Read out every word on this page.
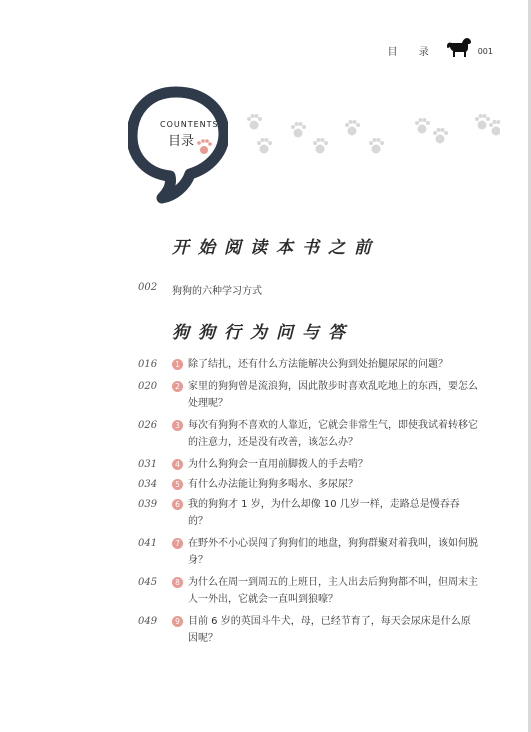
目 录	001
COUNTENTS
目录
开始阅读本书之前
002	狗狗的六种学习方式
狗狗行为问与答
016	1 除了结扎，还有什么方法能解决公狗到处抬腿尿尿的问题？
020	2 家里的狗狗曾是流浪狗，因此散步时喜欢乱吃地上的东西，要怎么处理呢？
026	3 每次有狗狗不喜欢的人靠近，它就会非常生气，即使我试着转移它的注意力，还是没有改善，该怎么办？
031	4 为什么狗狗会一直用前脚拨人的手去啃？
034	5 有什么办法能让狗狗多喝水、多尿尿？
039	6 我的狗狗才 1 岁，为什么却像 10 几岁一样，走路总是慢吞吞的？
041	7 在野外不小心误闯了狗狗们的地盘，狗狗群聚对着我叫，该如何脱身？
045	8 为什么在周一到周五的上班日，主人出去后狗狗都不叫，但周末主人一外出，它就会一直叫到狼嚎？
049	9 目前 6 岁的英国斗牛犬，母，已经节育了，每天会尿床是什么原因呢？
